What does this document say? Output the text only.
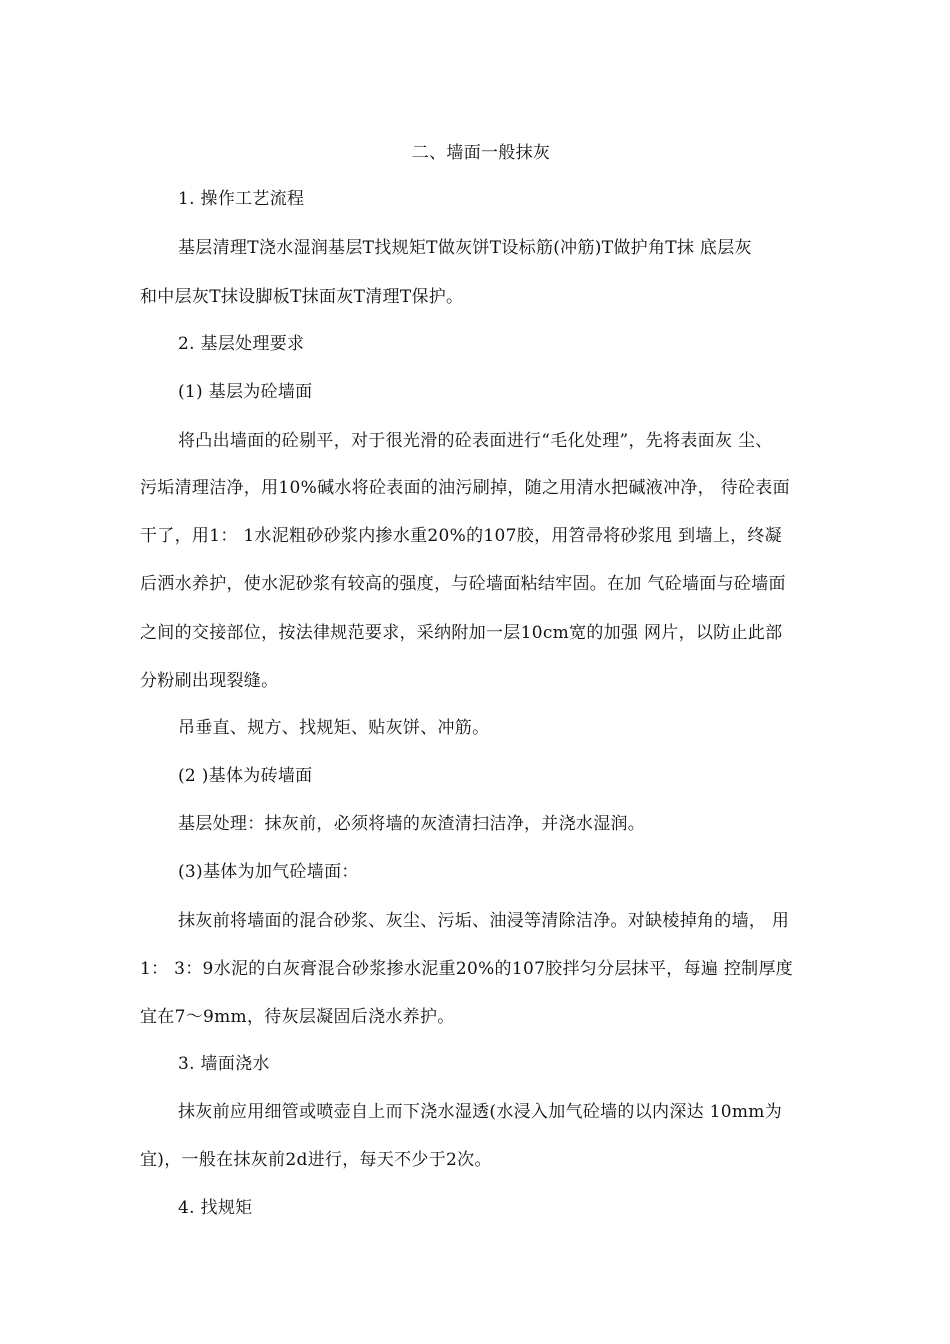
二、墙面一般抹灰

1. 操作工艺流程

基层清理T浇水湿润基层T找规矩T做灰饼T设标筋(冲筋)T做护角T抹 底层灰

和中层灰T抹设脚板T抹面灰T清理T保护。

2. 基层处理要求

(1) 基层为砼墙面

将凸出墙面的砼剔平，对于很光滑的砼表面进行“毛化处理”，先将表面灰 尘、

污垢清理洁净，用10%碱水将砼表面的油污刷掉，随之用清水把碱液冲净， 待砼表面

干了，用1： 1水泥粗砂砂浆内掺水重20%的107胶，用笤帚将砂浆甩 到墙上，终凝

后洒水养护，使水泥砂浆有较高的强度，与砼墙面粘结牢固。在加 气砼墙面与砼墙面

之间的交接部位，按法律规范要求，采纳附加一层10cm宽的加强 网片，以防止此部

分粉刷出现裂缝。

吊垂直、规方、找规矩、贴灰饼、冲筋。

(2 )基体为砖墙面

基层处理：抹灰前，必须将墙的灰渣清扫洁净，并浇水湿润。

(3)基体为加气砼墙面：

抹灰前将墙面的混合砂浆、灰尘、污垢、油浸等清除洁净。对缺棱掉角的墙， 用

1： 3：9水泥的白灰膏混合砂浆掺水泥重20%的107胶拌匀分层抹平，每遍 控制厚度

宜在7〜9mm，待灰层凝固后浇水养护。

3. 墙面浇水

抹灰前应用细管或喷壶自上而下浇水湿透(水浸入加气砼墙的以内深达 10mm为

宜)，一般在抹灰前2d进行，每天不少于2次。

4. 找规矩
